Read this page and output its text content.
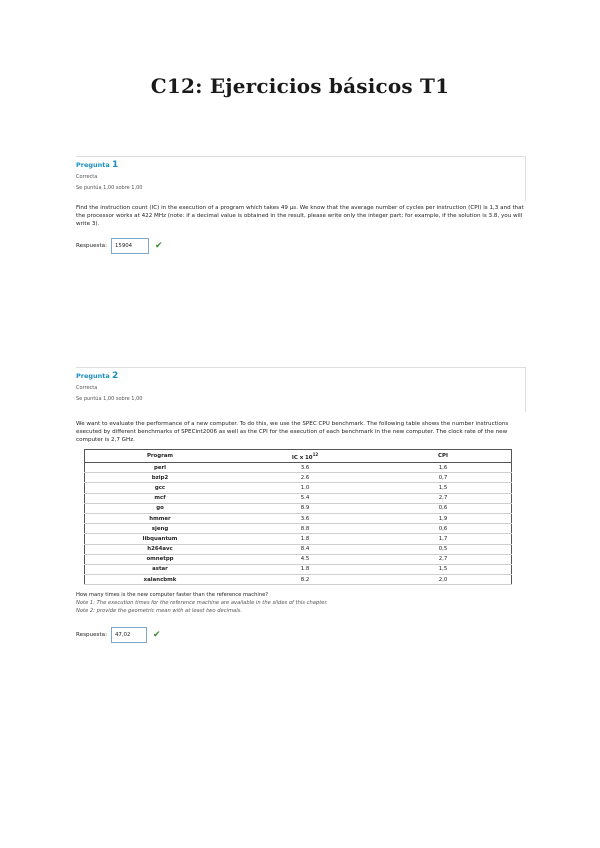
C12: Ejercicios básicos T1
Pregunta 1
Correcta
Se puntúa 1,00 sobre 1,00
Find the instruction count (IC) in the execution of a program which takes 49 µs. We know that the average number of cycles per instruction (CPI) is 1,3 and that the processor works at 422 MHz (note: if a decimal value is obtained in the result, please write only the integer part; for example, if the solution is 3.8, you will write 3).
Respuesta:	15904	✔
Pregunta 2
Correcta
Se puntúa 1,00 sobre 1,00
We want to evaluate the performance of a new computer. To do this, we use the SPEC CPU benchmark. The following table shows the number instructions executed by different benchmarks of SPECint2006 as well as the CPI for the execution of each benchmark in the new computer. The clock rate of the new computer is 2,7 GHz.
Program	IC x $10^{12}$	CPI
perl	3.6	1,6
bzip2	2.6	0,7
gcc	1.0	1,5
mcf	5.4	2,7
go	8.9	0,6
hmmer	3.6	1,9
sjeng	8.8	0,6
libquantum	1.8	1,7
h264avc	8.4	0,5
omnetpp	4.5	2,7
astar	1.8	1,5
xalancbmk	8.2	2,0
How many times is the new computer faster than the reference machine?
Note 1: The execution times for the reference machine are available in the slides of this chapter.
Note 2: provide the geometric mean with at least two decimals.
Respuesta:	47,02	✔
